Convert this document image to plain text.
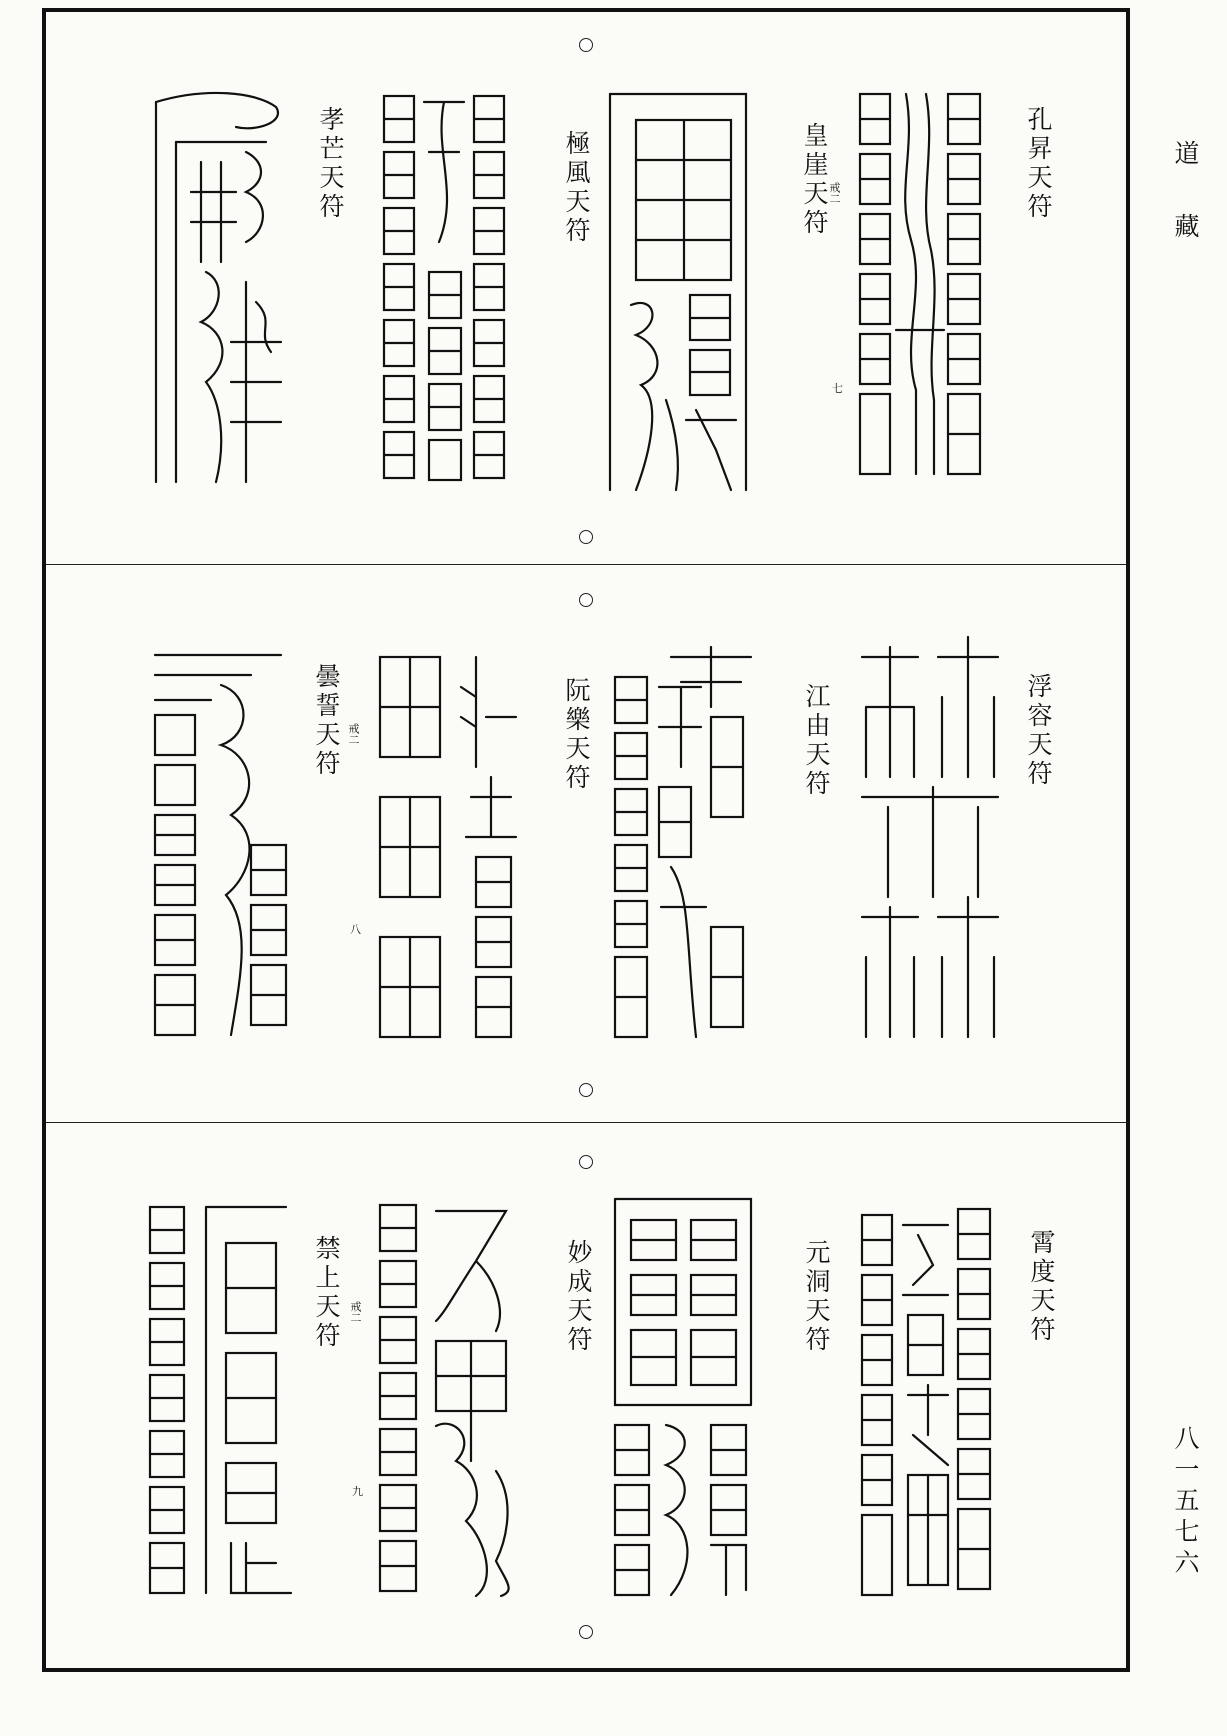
孔昇天符
皇崖天符 戒二
七
極風天符
孝芒天符
浮容天符
江由天符
阮樂天符
曇誓天符 戒二
八
霄度天符
元洞天符
妙成天符
禁上天符 戒二
九
道藏
八一五七六
